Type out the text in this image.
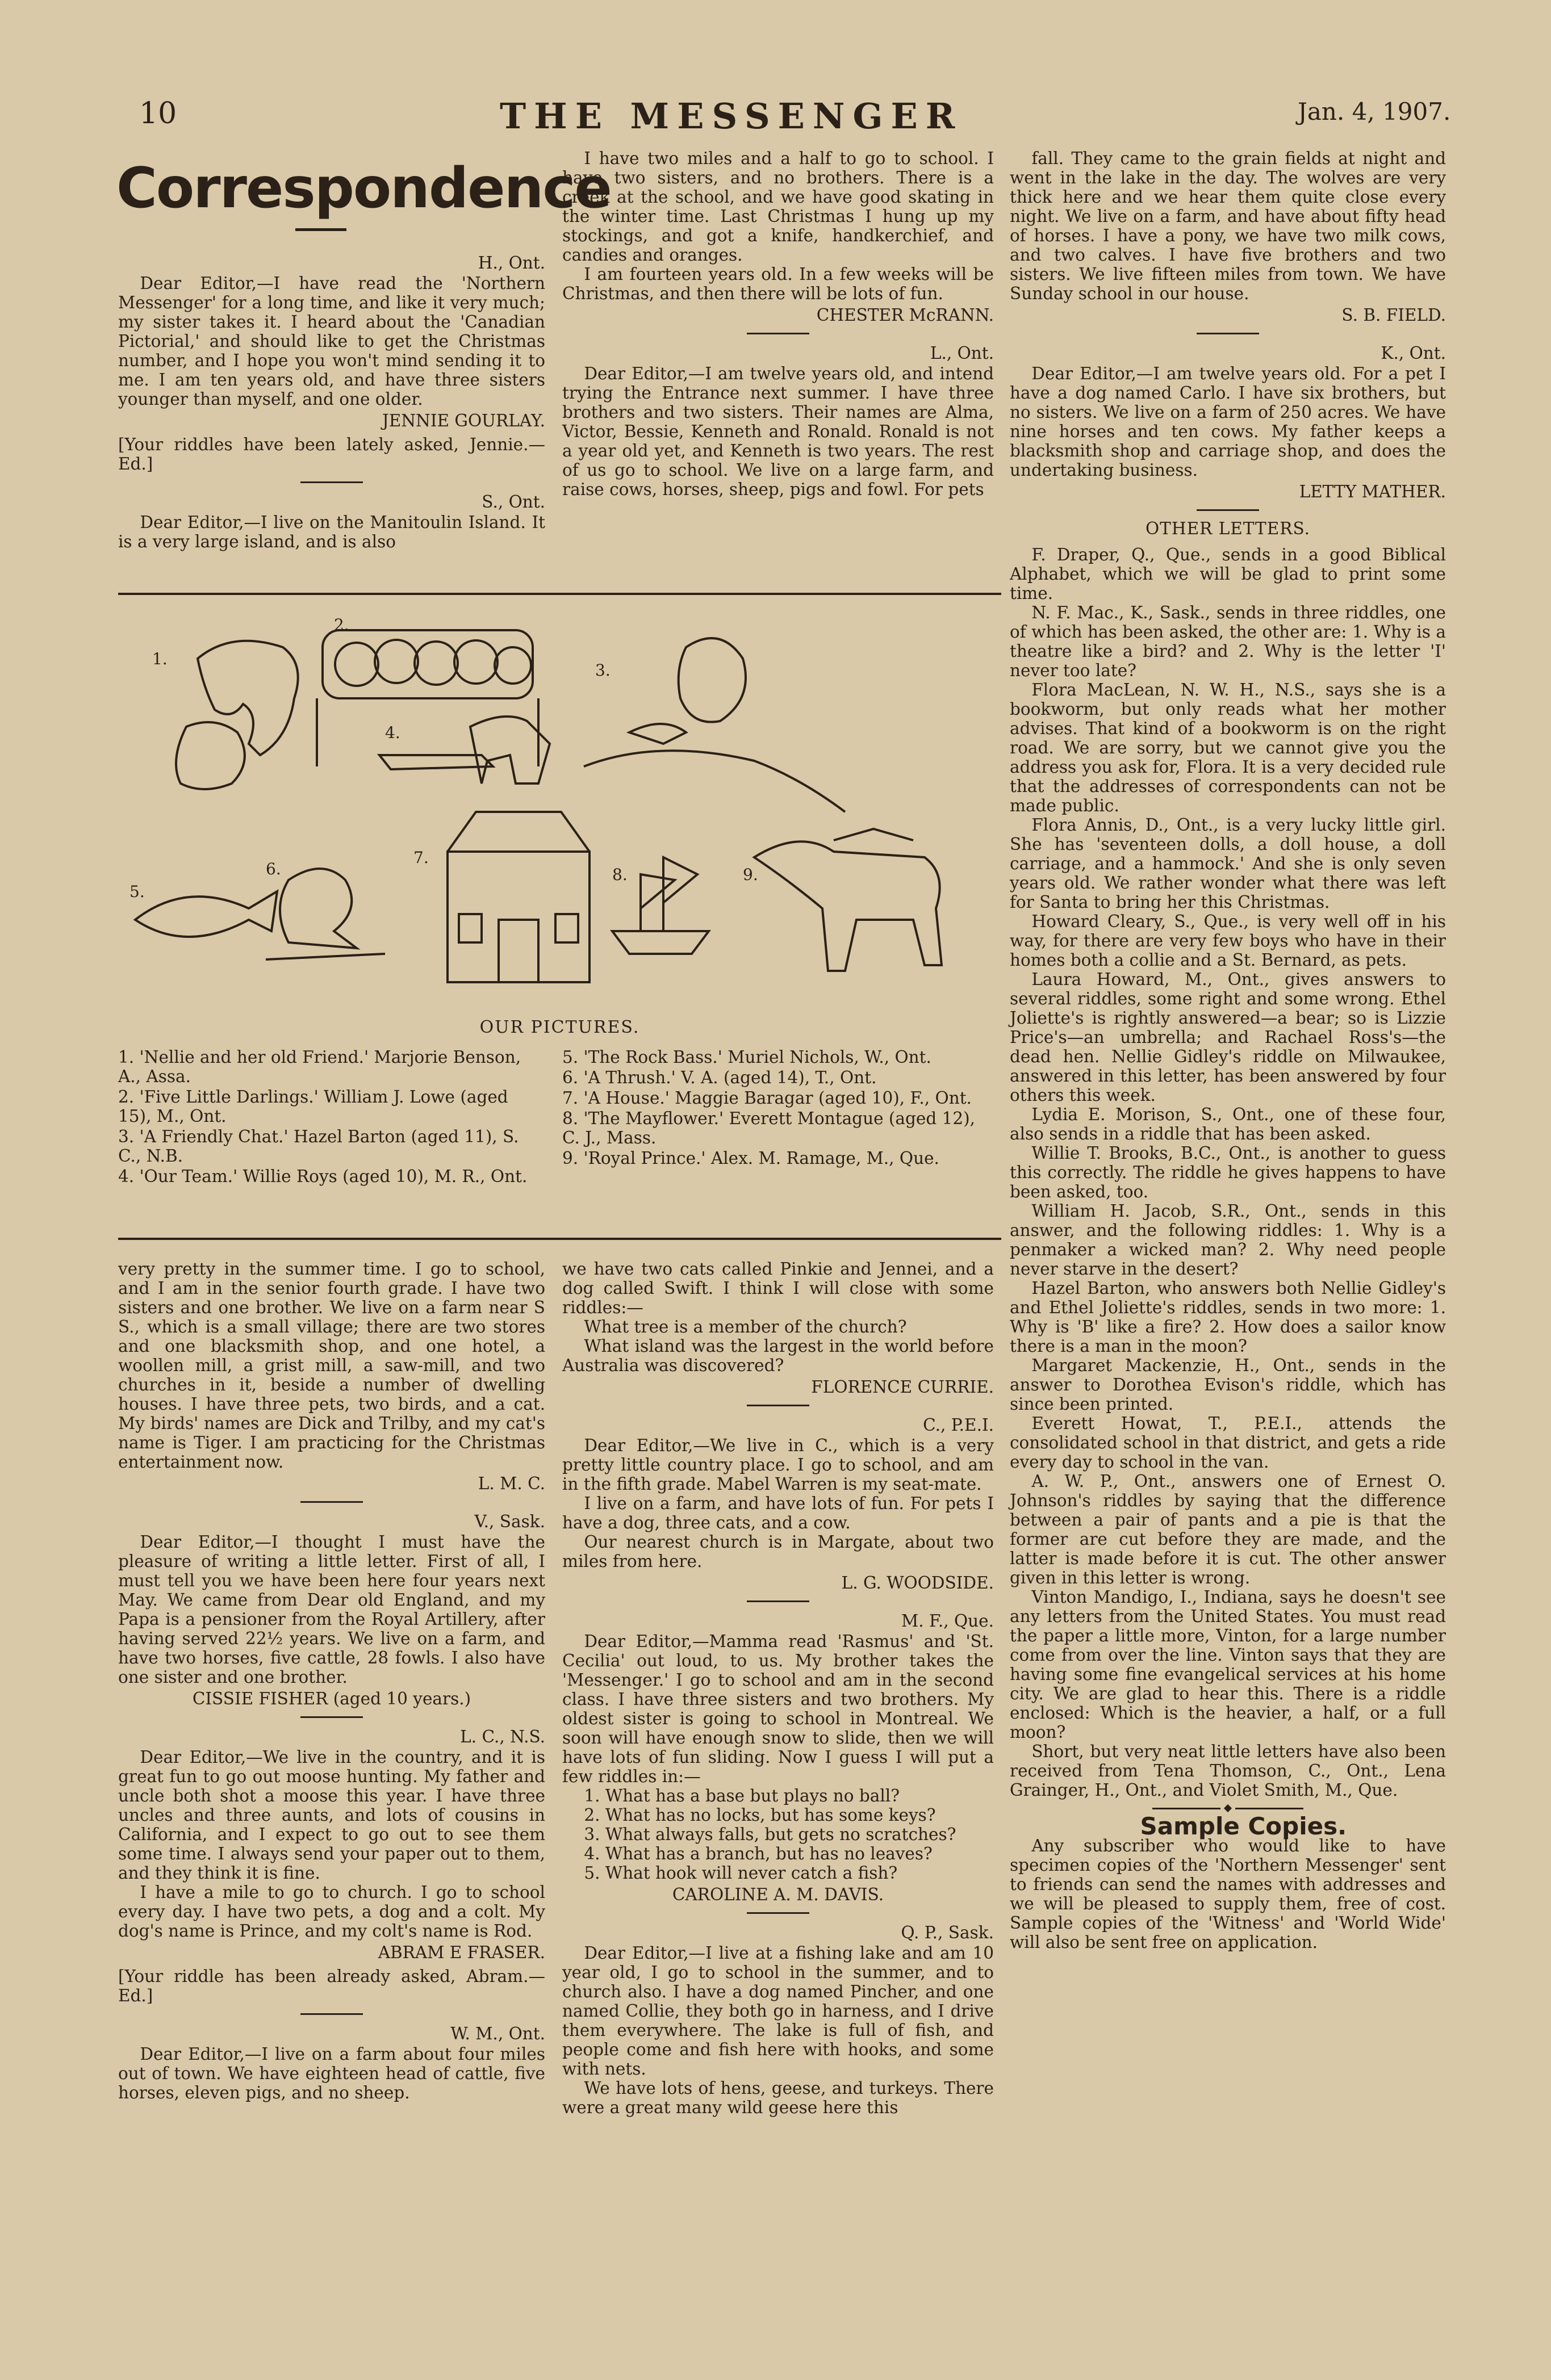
10	THE MESSENGER	Jan. 4, 1907.
Correspondence

H., Ont.

Dear Editor,—I have read the 'Northern Messenger' for a long time, and like it very much; my sister takes it. I heard about the 'Canadian Pictorial,' and should like to get the Christmas number, and I hope you won't mind sending it to me. I am ten years old, and have three sisters younger than myself, and one older.

JENNIE GOURLAY.

[Your riddles have been lately asked, Jennie.—Ed.]

S., Ont.

Dear Editor,—I live on the Manitoulin Island. It is a very large island, and is also

I have two miles and a half to go to school. I have two sisters, and no brothers. There is a creek at the school, and we have good skating in the winter time. Last Christmas I hung up my stockings, and got a knife, handkerchief, and candies and oranges.

I am fourteen years old. In a few weeks will be Christmas, and then there will be lots of fun.

CHESTER McRANN.

L., Ont.

Dear Editor,—I am twelve years old, and intend trying the Entrance next summer. I have three brothers and two sisters. Their names are Alma, Victor, Bessie, Kenneth and Ronald. Ronald is not a year old yet, and Kenneth is two years. The rest of us go to school. We live on a large farm, and raise cows, horses, sheep, pigs and fowl. For pets

fall. They came to the grain fields at night and went in the lake in the day. The wolves are very thick here and we hear them quite close every night. We live on a farm, and have about fifty head of horses. I have a pony, we have two milk cows, and two calves. I have five brothers and two sisters. We live fifteen miles from town. We have Sunday school in our house.

S. B. FIELD.

K., Ont.

Dear Editor,—I am twelve years old. For a pet I have a dog named Carlo. I have six brothers, but no sisters. We live on a farm of 250 acres. We have nine horses and ten cows. My father keeps a blacksmith shop and carriage shop, and does the undertaking business.

LETTY MATHER.

OTHER LETTERS.

F. Draper, Q., Que., sends in a good Biblical Alphabet, which we will be glad to print some time.

N. F. Mac., K., Sask., sends in three riddles, one of which has been asked, the other are: 1. Why is a theatre like a bird? and 2. Why is the letter 'I' never too late?

Flora MacLean, N. W. H., N.S., says she is a bookworm, but only reads what her mother advises. That kind of a bookworm is on the right road. We are sorry, but we cannot give you the address you ask for, Flora. It is a very decided rule that the addresses of correspondents can not be made public.

Flora Annis, D., Ont., is a very lucky little girl. She has 'seventeen dolls, a doll house, a doll carriage, and a hammock.' And she is only seven years old. We rather wonder what there was left for Santa to bring her this Christmas.

Howard Cleary, S., Que., is very well off in his way, for there are very few boys who have in their homes both a collie and a St. Bernard, as pets.

Laura Howard, M., Ont., gives answers to several riddles, some right and some wrong. Ethel Joliette's is rightly answered—a bear; so is Lizzie Price's—an umbrella; and Rachael Ross's—the dead hen. Nellie Gidley's riddle on Milwaukee, answered in this letter, has been answered by four others this week.

Lydia E. Morison, S., Ont., one of these four, also sends in a riddle that has been asked.

Willie T. Brooks, B.C., Ont., is another to guess this correctly. The riddle he gives happens to have been asked, too.

William H. Jacob, S.R., Ont., sends in this answer, and the following riddles: 1. Why is a penmaker a wicked man? 2. Why need people never starve in the desert?

Hazel Barton, who answers both Nellie Gidley's and Ethel Joliette's riddles, sends in two more: 1. Why is 'B' like a fire? 2. How does a sailor know there is a man in the moon?

Margaret Mackenzie, H., Ont., sends in the answer to Dorothea Evison's riddle, which has since been printed.

Everett Howat, T., P.E.I., attends the consolidated school in that district, and gets a ride every day to school in the van.

A. W. P., Ont., answers one of Ernest O. Johnson's riddles by saying that the difference between a pair of pants and a pie is that the former are cut before they are made, and the latter is made before it is cut. The other answer given in this letter is wrong.

Vinton Mandigo, I., Indiana, says he doesn't see any letters from the United States. You must read the paper a little more, Vinton, for a large number come from over the line. Vinton says that they are having some fine evangelical services at his home city. We are glad to hear this. There is a riddle enclosed: Which is the heavier, a half, or a full moon?

Short, but very neat little letters have also been received from Tena Thomson, C., Ont., Lena Grainger, H., Ont., and Violet Smith, M., Que.

Sample Copies.

Any subscriber who would like to have specimen copies of the 'Northern Messenger' sent to friends can send the names with addresses and we will be pleased to supply them, free of cost. Sample copies of the 'Witness' and 'World Wide' will also be sent free on application.

1.
2.
3.
4.
5.
6.
7.
8.	9.
OUR PICTURES.
1. 'Nellie and her old Friend.' Marjorie Benson, A., Assa.
2. 'Five Little Darlings.' William J. Lowe (aged 15), M., Ont.
3. 'A Friendly Chat.' Hazel Barton (aged 11), S. C., N.B.
4. 'Our Team.' Willie Roys (aged 10), M. R., Ont.
5. 'The Rock Bass.' Muriel Nichols, W., Ont.
6. 'A Thrush.' V. A. (aged 14), T., Ont.
7. 'A House.' Maggie Baragar (aged 10), F., Ont.
8. 'The Mayflower.' Everett Montague (aged 12), C. J., Mass.
9. 'Royal Prince.' Alex. M. Ramage, M., Que.

very pretty in the summer time. I go to school, and I am in the senior fourth grade. I have two sisters and one brother. We live on a farm near S S., which is a small village; there are two stores and one blacksmith shop, and one hotel, a woollen mill, a grist mill, a saw-mill, and two churches in it, beside a number of dwelling houses. I have three pets, two birds, and a cat. My birds' names are Dick and Trilby, and my cat's name is Tiger. I am practicing for the Christmas entertainment now.

L. M. C.

V., Sask.

Dear Editor,—I thought I must have the pleasure of writing a little letter. First of all, I must tell you we have been here four years next May. We came from Dear old England, and my Papa is a pensioner from the Royal Artillery, after having served 22½ years. We live on a farm, and have two horses, five cattle, 28 fowls. I also have one sister and one brother.

CISSIE FISHER (aged 10 years.)

L. C., N.S.

Dear Editor,—We live in the country, and it is great fun to go out moose hunting. My father and uncle both shot a moose this year. I have three uncles and three aunts, and lots of cousins in California, and I expect to go out to see them some time. I always send your paper out to them, and they think it is fine.

I have a mile to go to church. I go to school every day. I have two pets, a dog and a colt. My dog's name is Prince, and my colt's name is Rod.

ABRAM E FRASER.

[Your riddle has been already asked, Abram.—Ed.]

W. M., Ont.

Dear Editor,—I live on a farm about four miles out of town. We have eighteen head of cattle, five horses, eleven pigs, and no sheep.

we have two cats called Pinkie and Jennei, and a dog called Swift. I think I will close with some riddles:—

What tree is a member of the church?

What island was the largest in the world before Australia was discovered?

FLORENCE CURRIE.

C., P.E.I.

Dear Editor,—We live in C., which is a very pretty little country place. I go to school, and am in the fifth grade. Mabel Warren is my seat-mate.

I live on a farm, and have lots of fun. For pets I have a dog, three cats, and a cow.

Our nearest church is in Margate, about two miles from here.

L. G. WOODSIDE.

M. F., Que.

Dear Editor,—Mamma read 'Rasmus' and 'St. Cecilia' out loud, to us. My brother takes the 'Messenger.' I go to school and am in the second class. I have three sisters and two brothers. My oldest sister is going to school in Montreal. We soon will have enough snow to slide, then we will have lots of fun sliding. Now I guess I will put a few riddles in:—

1. What has a base but plays no ball?

2. What has no locks, but has some keys?

3. What always falls, but gets no scratches?

4. What has a branch, but has no leaves?

5. What hook will never catch a fish?

CAROLINE A. M. DAVIS.

Q. P., Sask.

Dear Editor,—I live at a fishing lake and am 10 year old, I go to school in the summer, and to church also. I have a dog named Pincher, and one named Collie, they both go in harness, and I drive them everywhere. The lake is full of fish, and people come and fish here with hooks, and some with nets.

We have lots of hens, geese, and turkeys. There were a great many wild geese here this
